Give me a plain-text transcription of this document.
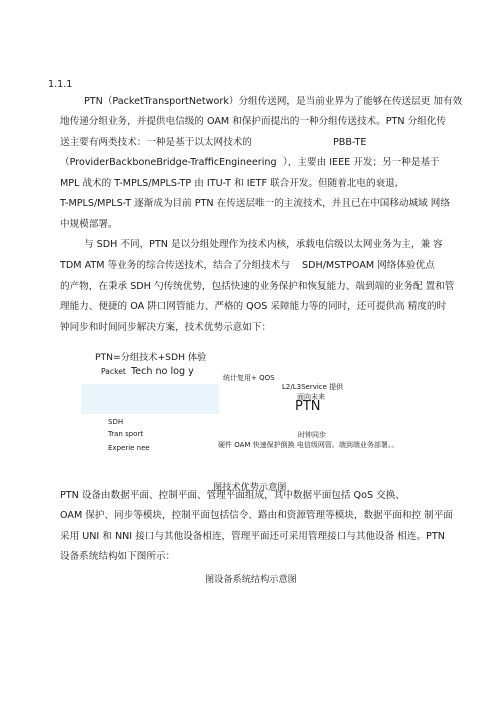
1.1.1
PTN（PacketTransportNetwork）分组传送网，是当前业界为了能够在传送层更 加有效
地传递分组业务，并提供电信级的 OAM 和保护而提出的一种分组传送技术。PTN 分组化传
送主要有两类技术：一种是基于以太网技术的	PBB-TE
（ProviderBackboneBridge-TrafficEngineering ），主要由 IEEE 开发；另一种是基于
MPL 战术的 T-MPLS/MPLS-TP 由 ITU-T 和 IETF 联合开发。但随着北电的衰退,
T-MPLS/MPLS-T 逐渐成为目前 PTN 在传送层唯一的主流技术，并且已在中国移动城域 网络
中规模部署。
与 SDH 不同，PTN 是以分组处理作为技术内核，承载电信级以太网业务为主，兼 容
TDM ATM 等业务的综合传送技术，结合了分组技术与 SDH/MSTPOAM 网络体验优点
的产物，在秉承 SDH 勺传统优势，包括快速的业务保护和恢复能力、端到端的业务配 置和管
理能力、便捷的 OA 阱口网管能力、严格的 QOS 采障能力等的同时，还可提供高 精度的时
钟同步和时间同步解决方案，技术优势示意如下：
PTN=分组技术+SDH 体验
Packet Tech no log y
统计复用+ QOS
L2/L3Service 提供
面向未来
PTN
SDH
Tran sport	时钟同步
硬件 OAM 快速保护倒换 电信级网管。端到端业务部署。。
Experie nee
图技术优势示意图
PTN 设备由数据平面、控制平面、管理平面组成，其中数据平面包括 QoS 交换、
OAM 保护、同步等模块，控制平面包括信令、路由和资源管理等模块，数据平面和控 制平面
采用 UNI 和 NNI 接口与其他设备相连，管理平面还可采用管理接口与其他设备 相连。PTN
设备系统结构如下图所示：
图设备系统结构示意图
